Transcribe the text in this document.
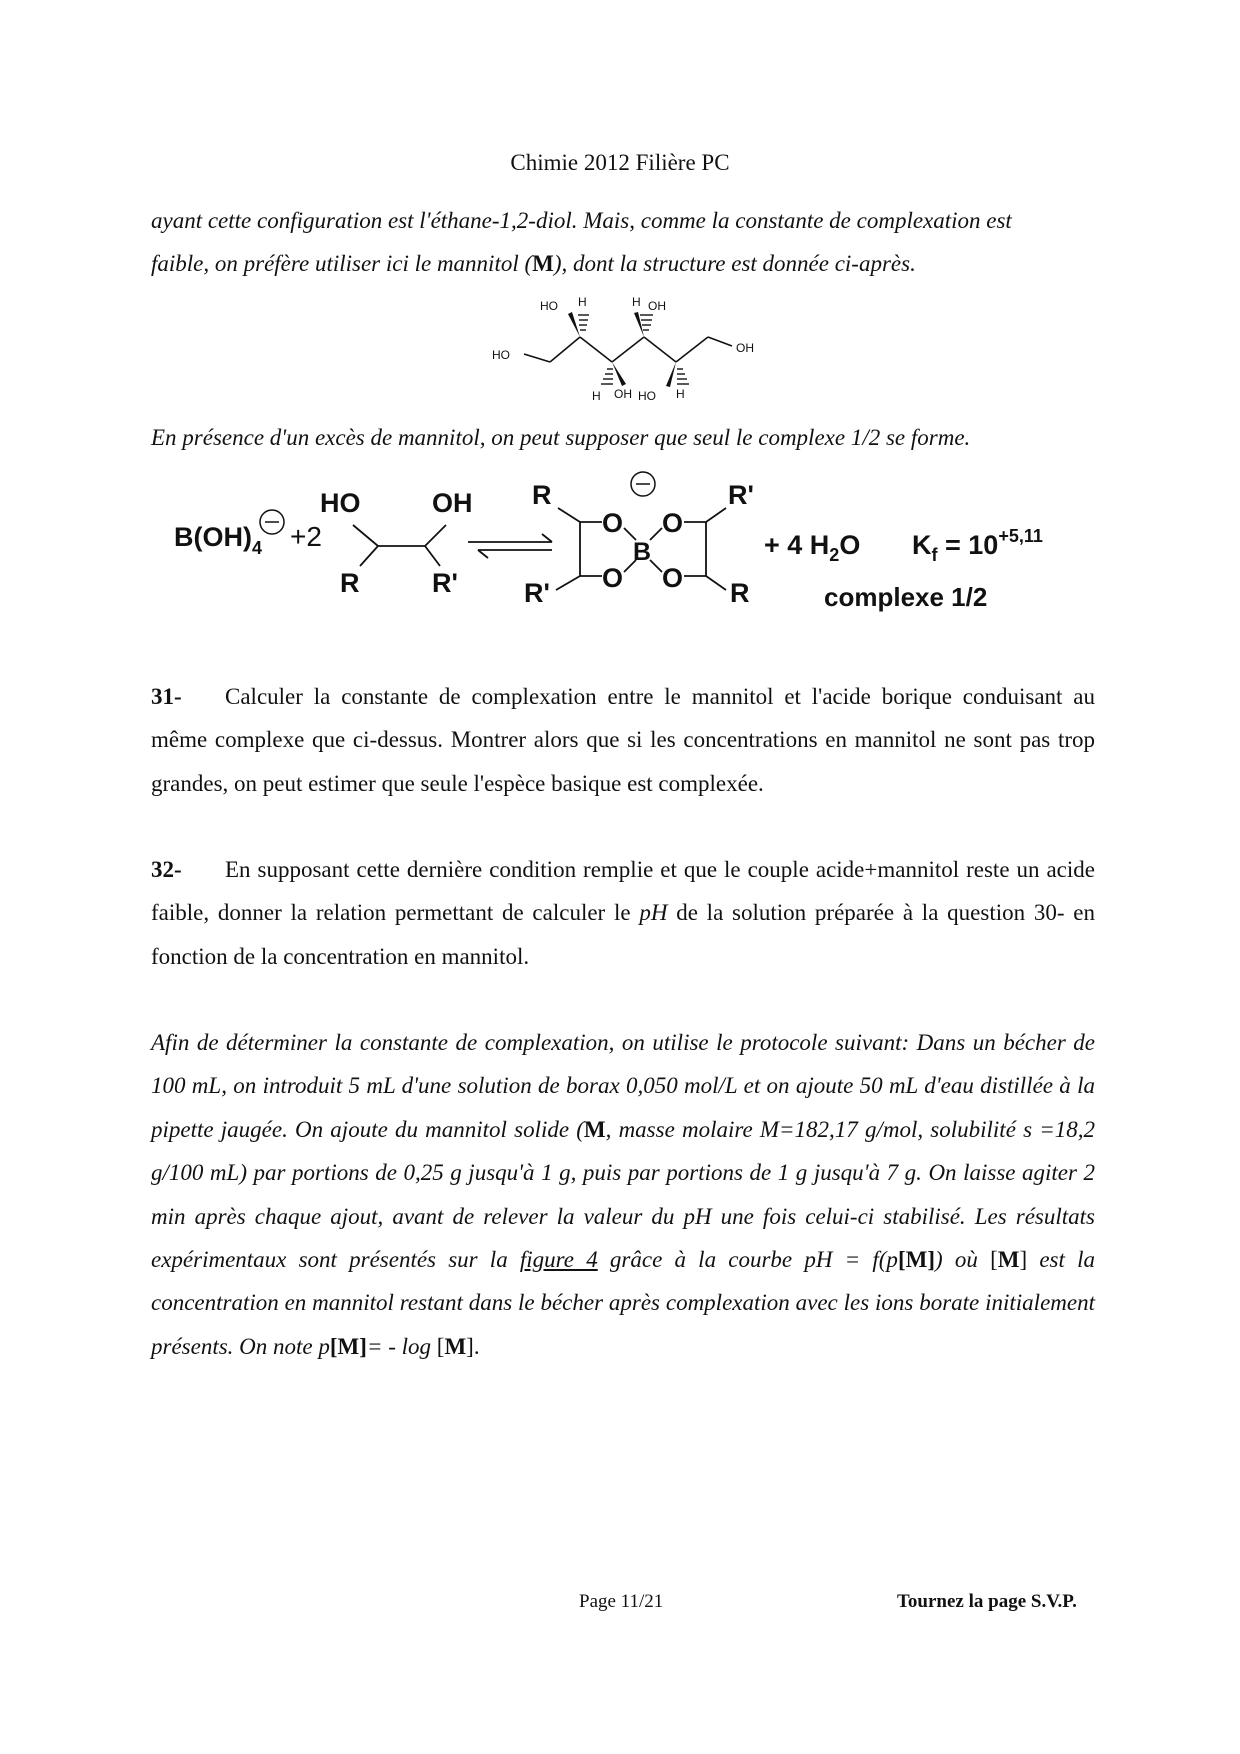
Chimie 2012 Filière PC
ayant cette configuration est l'éthane-1,2-diol. Mais, comme la constante de complexation est
faible, on préfère utiliser ici le mannitol (M), dont la structure est donnée ci-après.
HO
HO H	H OH
OH
H OH HO H
En présence d'un excès de mannitol, on peut supposer que seul le complexe 1/2 se forme.
$B(OH)_4 +2$
HO	OH
R	R'
R
R'
R'
R
O O
O O
B	+ 4 $H_2O$ $K_f = 10^{+5,11}$
complexe 1/2
31- Calculer la constante de complexation entre le mannitol et l'acide borique conduisant au même complexe que ci-dessus. Montrer alors que si les concentrations en mannitol ne sont pas trop grandes, on peut estimer que seule l'espèce basique est complexée.
32- En supposant cette dernière condition remplie et que le couple acide+mannitol reste un acide faible, donner la relation permettant de calculer le pH de la solution préparée à la question 30- en fonction de la concentration en mannitol.
Afin de déterminer la constante de complexation, on utilise le protocole suivant: Dans un bécher de 100 mL, on introduit 5 mL d'une solution de borax 0,050 mol/L et on ajoute 50 mL d'eau distillée à la pipette jaugée. On ajoute du mannitol solide (M, masse molaire M=182,17 g/mol, solubilité s =18,2 g/100 mL) par portions de 0,25 g jusqu'à 1 g, puis par portions de 1 g jusqu'à 7 g. On laisse agiter 2 min après chaque ajout, avant de relever la valeur du pH une fois celui-ci stabilisé. Les résultats expérimentaux sont présentés sur la figure 4 grâce à la courbe pH = f(p[M]) où [M] est la concentration en mannitol restant dans le bécher après complexation avec les ions borate initialement présents. On note p[M]= - log [M].
Page 11/21	Tournez la page S.V.P.
